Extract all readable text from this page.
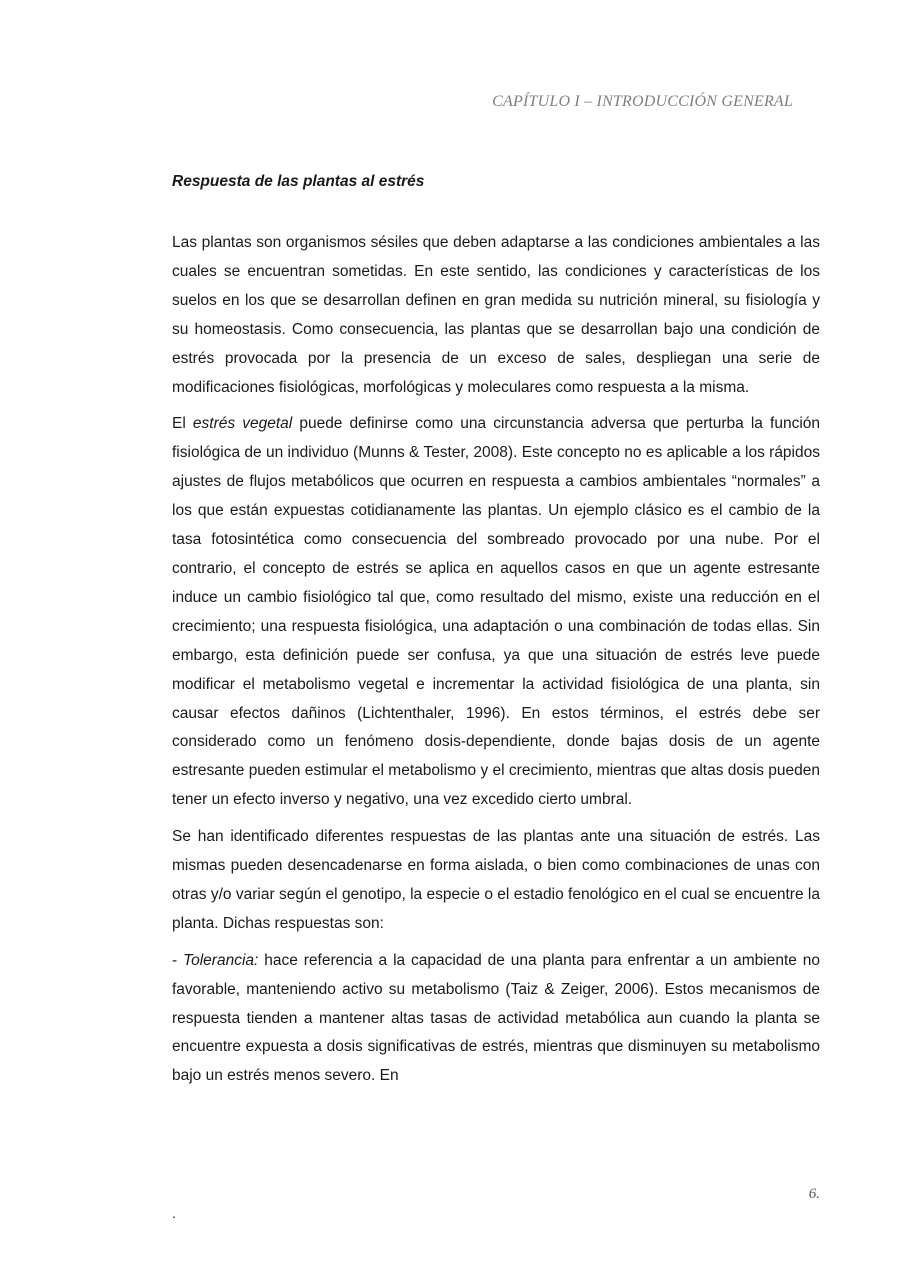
CAPÍTULO I – INTRODUCCIÓN GENERAL
Respuesta de las plantas al estrés

Las plantas son organismos sésiles que deben adaptarse a las condiciones ambientales a las cuales se encuentran sometidas. En este sentido, las condiciones y características de los suelos en los que se desarrollan definen en gran medida su nutrición mineral, su fisiología y su homeostasis. Como consecuencia, las plantas que se desarrollan bajo una condición de estrés provocada por la presencia de un exceso de sales, despliegan una serie de modificaciones fisiológicas, morfológicas y moleculares como respuesta a la misma.

El estrés vegetal puede definirse como una circunstancia adversa que perturba la función fisiológica de un individuo (Munns & Tester, 2008). Este concepto no es aplicable a los rápidos ajustes de flujos metabólicos que ocurren en respuesta a cambios ambientales “normales” a los que están expuestas cotidianamente las plantas. Un ejemplo clásico es el cambio de la tasa fotosintética como consecuencia del sombreado provocado por una nube. Por el contrario, el concepto de estrés se aplica en aquellos casos en que un agente estresante induce un cambio fisiológico tal que, como resultado del mismo, existe una reducción en el crecimiento; una respuesta fisiológica, una adaptación o una combinación de todas ellas. Sin embargo, esta definición puede ser confusa, ya que una situación de estrés leve puede modificar el metabolismo vegetal e incrementar la actividad fisiológica de una planta, sin causar efectos dañinos (Lichtenthaler, 1996). En estos términos, el estrés debe ser considerado como un fenómeno dosis-dependiente, donde bajas dosis de un agente estresante pueden estimular el metabolismo y el crecimiento, mientras que altas dosis pueden tener un efecto inverso y negativo, una vez excedido cierto umbral.

Se han identificado diferentes respuestas de las plantas ante una situación de estrés. Las mismas pueden desencadenarse en forma aislada, o bien como combinaciones de unas con otras y/o variar según el genotipo, la especie o el estadio fenológico en el cual se encuentre la planta. Dichas respuestas son:

- Tolerancia: hace referencia a la capacidad de una planta para enfrentar a un ambiente no favorable, manteniendo activo su metabolismo (Taiz & Zeiger, 2006). Estos mecanismos de respuesta tienden a mantener altas tasas de actividad metabólica aun cuando la planta se encuentre expuesta a dosis significativas de estrés, mientras que disminuyen su metabolismo bajo un estrés menos severo. En

6.
.
